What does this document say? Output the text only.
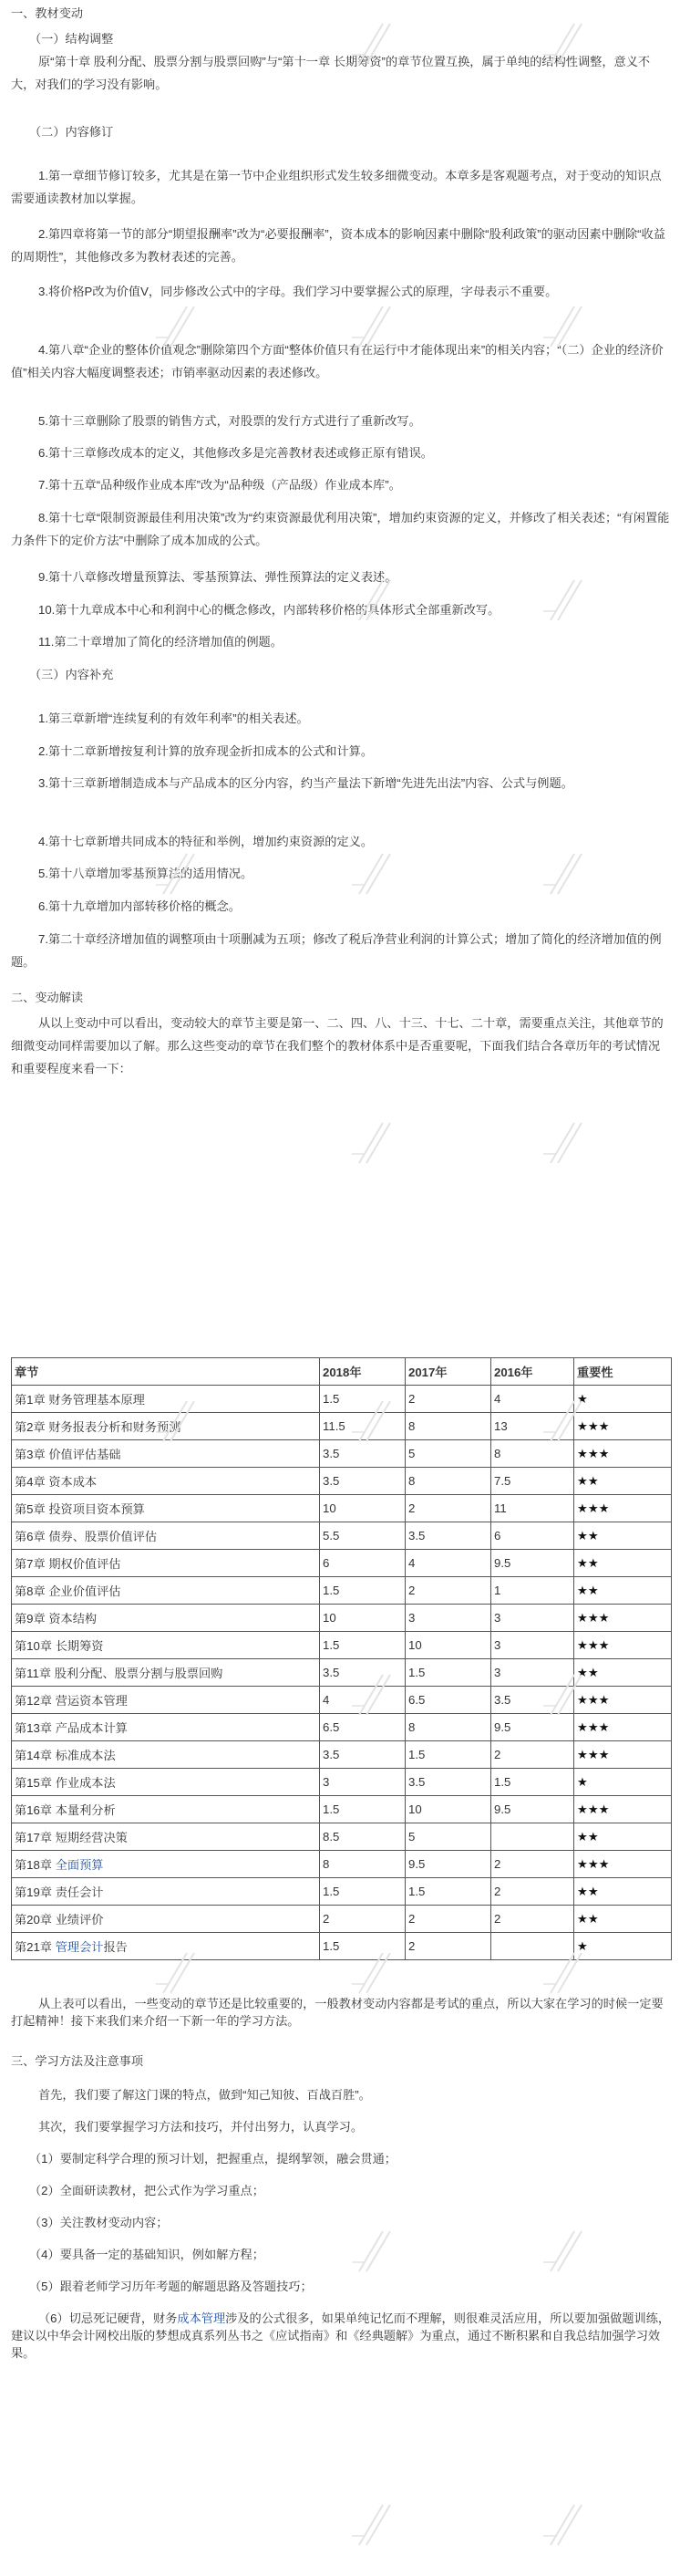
一、教材变动

（一）结构调整

原“第十章 股利分配、股票分割与股票回购”与“第十一章 长期筹资”的章节位置互换，属于单纯的结构性调整，意义不大，对我们的学习没有影响。

（二）内容修订

1.第一章细节修订较多，尤其是在第一节中企业组织形式发生较多细微变动。本章多是客观题考点，对于变动的知识点需要通读教材加以掌握。

2.第四章将第一节的部分“期望报酬率”改为“必要报酬率”，资本成本的影响因素中删除“股利政策”的驱动因素中删除“收益的周期性”，其他修改多为教材表述的完善。

3.将价格P改为价值V，同步修改公式中的字母。我们学习中要掌握公式的原理，字母表示不重要。

4.第八章“企业的整体价值观念”删除第四个方面“整体价值只有在运行中才能体现出来”的相关内容；“（二）企业的经济价值”相关内容大幅度调整表述；市销率驱动因素的表述修改。

5.第十三章删除了股票的销售方式，对股票的发行方式进行了重新改写。

6.第十三章修改成本的定义，其他修改多是完善教材表述或修正原有错误。

7.第十五章“品种级作业成本库”改为“品种级（产品级）作业成本库”。

8.第十七章“限制资源最佳利用决策”改为“约束资源最优利用决策”，增加约束资源的定义，并修改了相关表述；“有闲置能力条件下的定价方法”中删除了成本加成的公式。

9.第十八章修改增量预算法、零基预算法、弹性预算法的定义表述。

10.第十九章成本中心和利润中心的概念修改，内部转移价格的具体形式全部重新改写。

11.第二十章增加了简化的经济增加值的例题。

（三）内容补充

1.第三章新增“连续复利的有效年利率”的相关表述。

2.第十二章新增按复利计算的放弃现金折扣成本的公式和计算。

3.第十三章新增制造成本与产品成本的区分内容，约当产量法下新增“先进先出法”内容、公式与例题。

4.第十七章新增共同成本的特征和举例，增加约束资源的定义。

5.第十八章增加零基预算法的适用情况。

6.第十九章增加内部转移价格的概念。

7.第二十章经济增加值的调整项由十项删减为五项；修改了税后净营业利润的计算公式；增加了简化的经济增加值的例题。

二、变动解读

从以上变动中可以看出，变动较大的章节主要是第一、二、四、八、十三、十七、二十章，需要重点关注，其他章节的细微变动同样需要加以了解。那么这些变动的章节在我们整个的教材体系中是否重要呢，下面我们结合各章历年的考试情况和重要程度来看一下：

章节	2018年	2017年	2016年	重要性
第1章 财务管理基本原理	1.5	2	4	★
第2章 财务报表分析和财务预测	11.5	8	13	★★★
第3章 价值评估基础	3.5	5	8	★★★
第4章 资本成本	3.5	8	7.5	★★
第5章 投资项目资本预算	10	2	11	★★★
第6章 债券、股票价值评估	5.5	3.5	6	★★
第7章 期权价值评估	6	4	9.5	★★
第8章 企业价值评估	1.5	2	1	★★
第9章 资本结构	10	3	3	★★★
第10章 长期筹资	1.5	10	3	★★★
第11章 股利分配、股票分割与股票回购	3.5	1.5	3	★★
第12章 营运资本管理	4	6.5	3.5	★★★
第13章 产品成本计算	6.5	8	9.5	★★★
第14章 标准成本法	3.5	1.5	2	★★★
第15章 作业成本法	3	3.5	1.5	★
第16章 本量利分析	1.5	10	9.5	★★★
第17章 短期经营决策	8.5	5		★★
第18章 全面预算	8	9.5	2	★★★
第19章 责任会计	1.5	1.5	2	★★
第20章 业绩评价	2	2	2	★★
第21章 管理会计报告	1.5	2		★

从上表可以看出，一些变动的章节还是比较重要的，一般教材变动内容都是考试的重点，所以大家在学习的时候一定要打起精神！接下来我们来介绍一下新一年的学习方法。

三、学习方法及注意事项

首先，我们要了解这门课的特点，做到“知己知彼、百战百胜”。

其次，我们要掌握学习方法和技巧，并付出努力，认真学习。

（1）要制定科学合理的预习计划，把握重点，提纲挈领，融会贯通；

（2）全面研读教材，把公式作为学习重点；

（3）关注教材变动内容；

（4）要具备一定的基础知识，例如解方程；

（5）跟着老师学习历年考题的解题思路及答题技巧；

（6）切忌死记硬背，财务成本管理涉及的公式很多，如果单纯记忆而不理解，则很难灵活应用，所以要加强做题训练，建议以中华会计网校出版的梦想成真系列丛书之《应试指南》和《经典题解》为重点，通过不断积累和自我总结加强学习效果。
